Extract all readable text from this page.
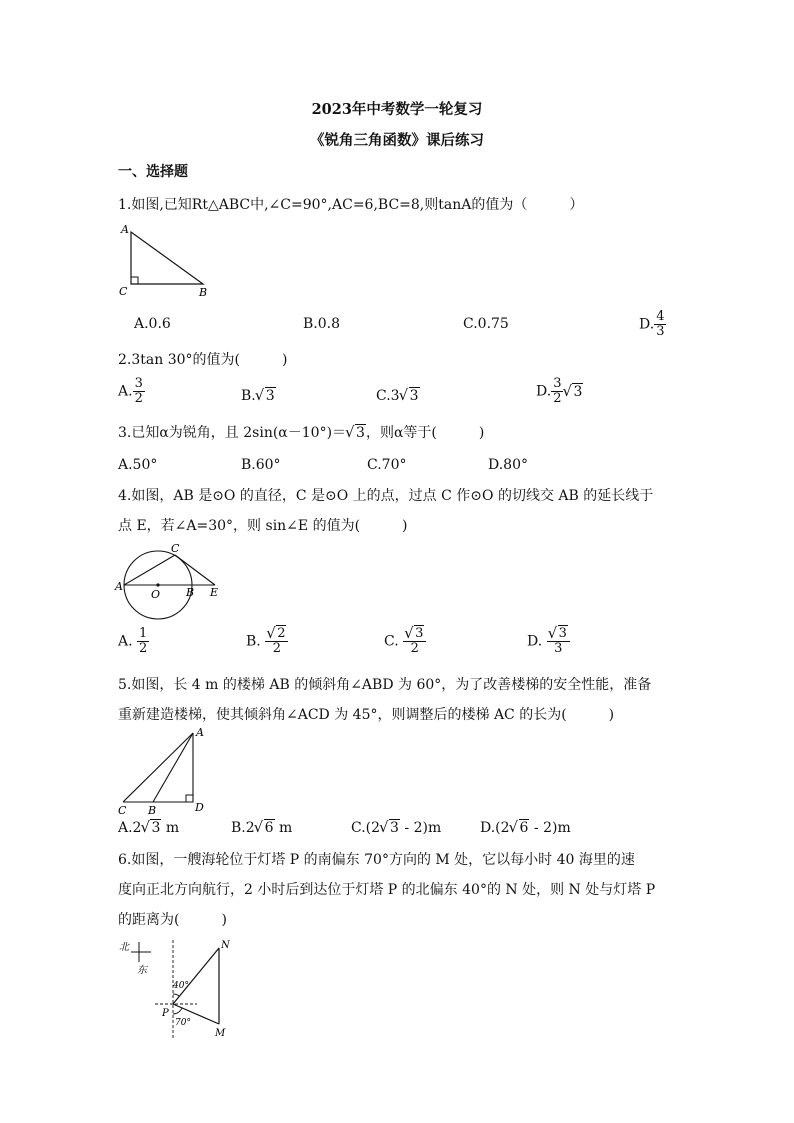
2023年中考数学一轮复习
《锐角三角函数》课后练习
一、选择题
1.如图,已知Rt△ABC中,∠C=90°,AC=6,BC=8,则tanA的值为（　　　）
A
C	B
A.0.6	B.0.8	C.0.75	D. $\frac{4}{3}$
2.3tan 30°的值为(　　　)
A. $\frac{3}{2}$	B. √ 3	C.3 √ 3	D. $\frac{3}{2}$ √ 3
3.已知α为锐角，且 2sin(α－10°)＝ √ 3，则α等于(　　　)
A.50°	B.60°	C.70°	D.80°
4.如图，AB 是⊙O 的直径，C 是⊙O 上的点，过点 C 作⊙O 的切线交 AB 的延长线于
点 E，若∠A=30°，则 sin∠E 的值为(　　　)
C
A
O B E
A. $\frac{1}{2}$	B. √ $\frac{2}{2}$	C. √ $\frac{3}{2}$	D. √ $\frac{3}{3}$
5.如图，长 4 m 的楼梯 AB 的倾斜角∠ABD 为 60°，为了改善楼梯的安全性能，准备
重新建造楼梯，使其倾斜角∠ACD 为 45°，则调整后的楼梯 AC 的长为(　　　)
A
C B	D
A.2 √ 3 m	B.2 √ 6 m	C.(2 √ 3 - 2)m	D.(2 √ 6 - 2)m
6.如图，一艘海轮位于灯塔 P 的南偏东 70°方向的 M 处，它以每小时 40 海里的速
度向正北方向航行，2 小时后到达位于灯塔 P 的北偏东 40°的 N 处，则 N 处与灯塔 P
的距离为(　　　)
北
东
N
P
M
40°
70°
